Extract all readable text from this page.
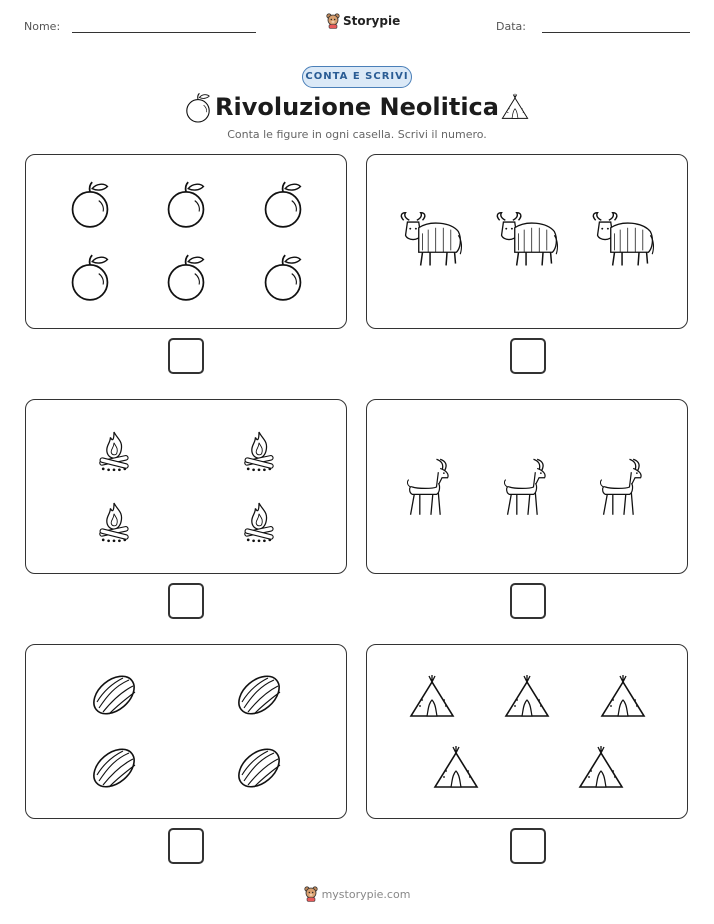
Nome:	Storypie	Data:
CONTA E SCRIVI
Rivoluzione Neolitica
Conta le figure in ogni casella. Scrivi il numero.
mystorypie.com
